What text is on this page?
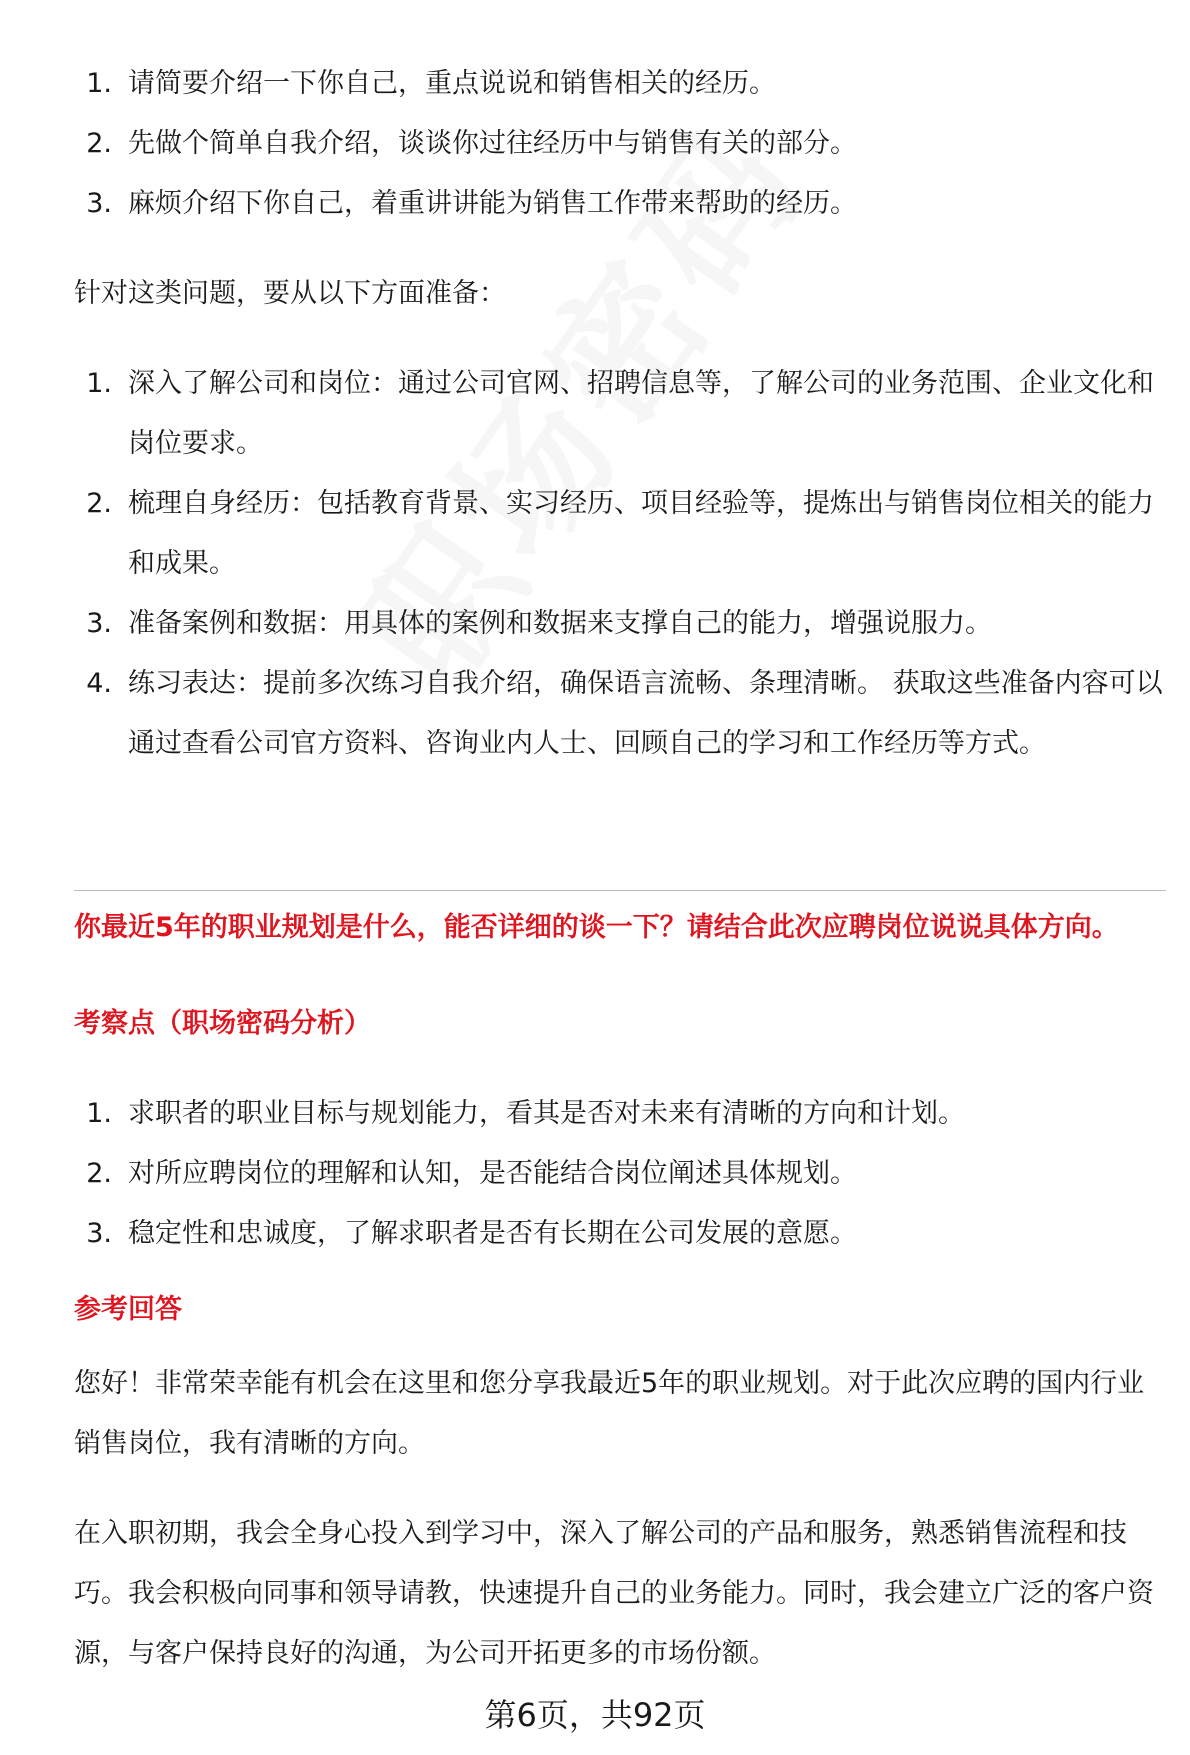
1. 请简要介绍一下你自己，重点说说和销售相关的经历。
2. 先做个简单自我介绍，谈谈你过往经历中与销售有关的部分。
3. 麻烦介绍下你自己，着重讲讲能为销售工作带来帮助的经历。

针对这类问题，要从以下方面准备：

1. 深入了解公司和岗位：通过公司官网、招聘信息等，了解公司的业务范围、企业文化和岗位要求。
2. 梳理自身经历：包括教育背景、实习经历、项目经验等，提炼出与销售岗位相关的能力和成果。
3. 准备案例和数据：用具体的案例和数据来支撑自己的能力，增强说服力。
4. 练习表达：提前多次练习自我介绍，确保语言流畅、条理清晰。 获取这些准备内容可以通过查看公司官方资料、咨询业内人士、回顾自己的学习和工作经历等方式。

你最近5年的职业规划是什么，能否详细的谈一下？请结合此次应聘岗位说说具体方向。

考察点（职场密码分析）

1. 求职者的职业目标与规划能力，看其是否对未来有清晰的方向和计划。
2. 对所应聘岗位的理解和认知，是否能结合岗位阐述具体规划。
3. 稳定性和忠诚度，了解求职者是否有长期在公司发展的意愿。

参考回答

您好！非常荣幸能有机会在这里和您分享我最近5年的职业规划。对于此次应聘的国内行业销售岗位，我有清晰的方向。

在入职初期，我会全身心投入到学习中，深入了解公司的产品和服务，熟悉销售流程和技巧。我会积极向同事和领导请教，快速提升自己的业务能力。同时，我会建立广泛的客户资源，与客户保持良好的沟通，为公司开拓更多的市场份额。

第6页，共92页
